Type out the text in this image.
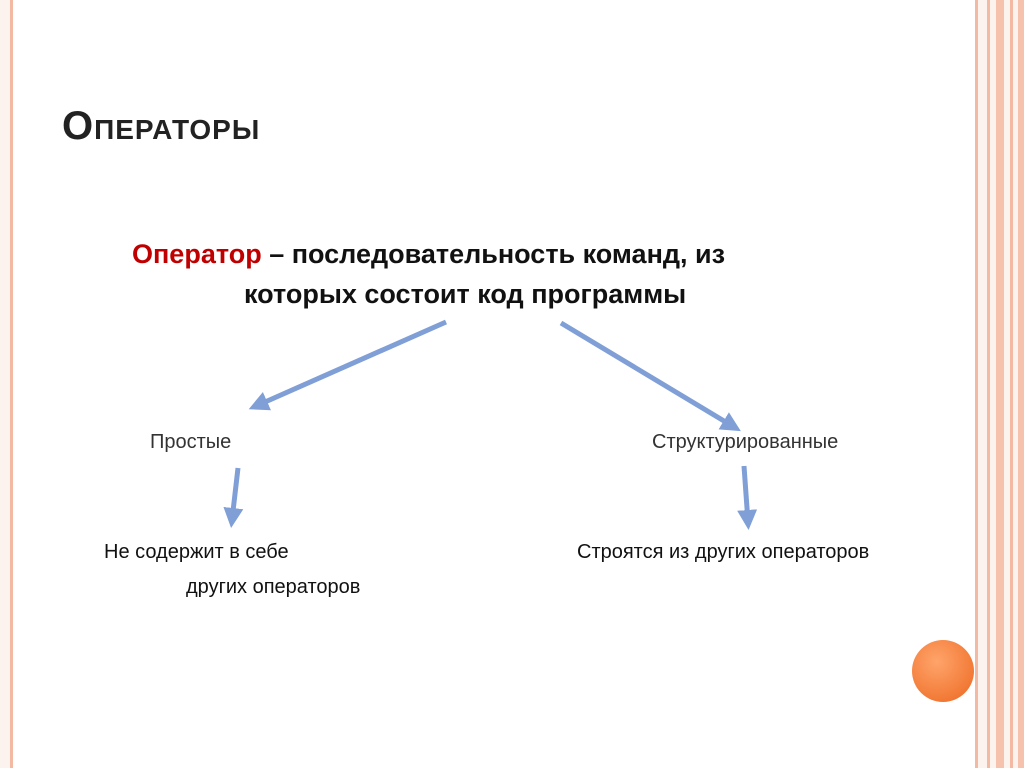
Операторы
Оператор – последовательность команд, из
которых состоит код программы
Простые	Структурированные
Не содержит в себе
других операторов
Строятся из других операторов
